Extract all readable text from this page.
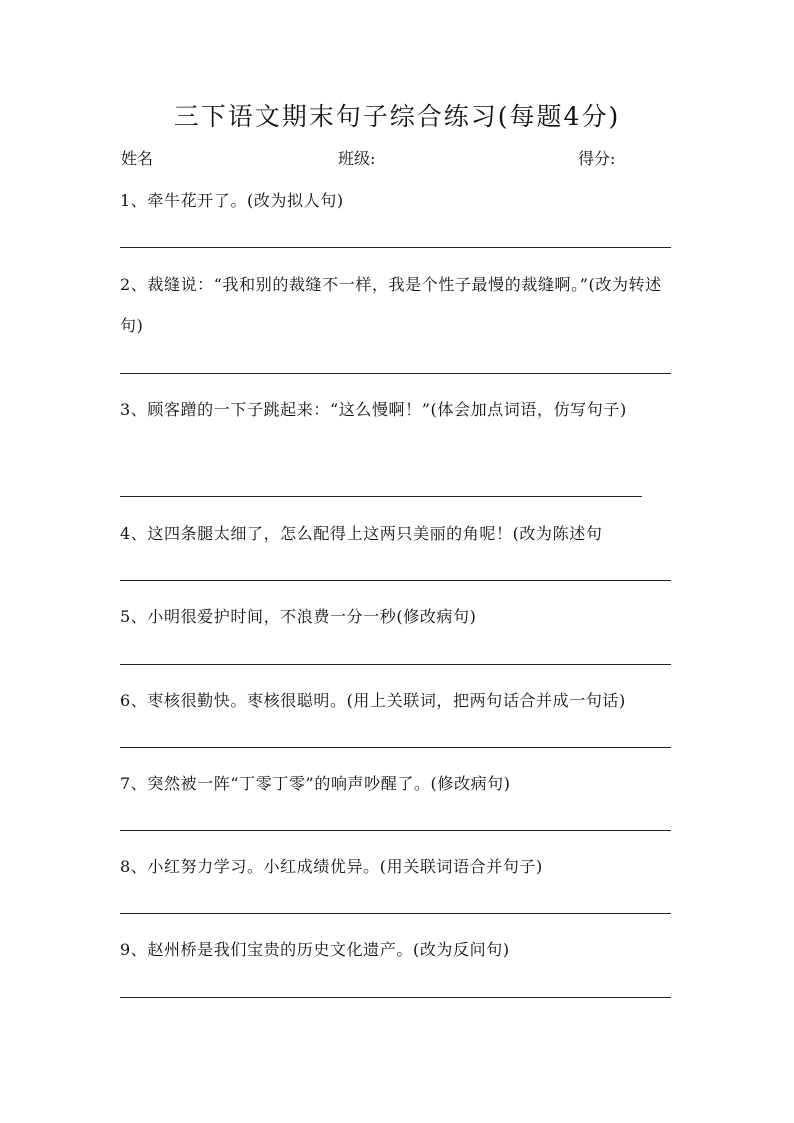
三下语文期末句子综合练习(每题4分)
姓名	班级:	得分:
1、牵牛花开了。(改为拟人句)
2、裁缝说：“我和别的裁缝不一样，我是个性子最慢的裁缝啊。”(改为转述句)
3、顾客蹭的一下子跳起来：“这么慢啊！”(体会加点词语，仿写句子)
4、这四条腿太细了，怎么配得上这两只美丽的角呢！(改为陈述句
5、小明很爱护时间，不浪费一分一秒(修改病句)
6、枣核很勤快。枣核很聪明。(用上关联词，把两句话合并成一句话)
7、突然被一阵“丁零丁零”的响声吵醒了。(修改病句)
8、小红努力学习。小红成绩优异。(用关联词语合并句子)
9、赵州桥是我们宝贵的历史文化遗产。(改为反问句)
